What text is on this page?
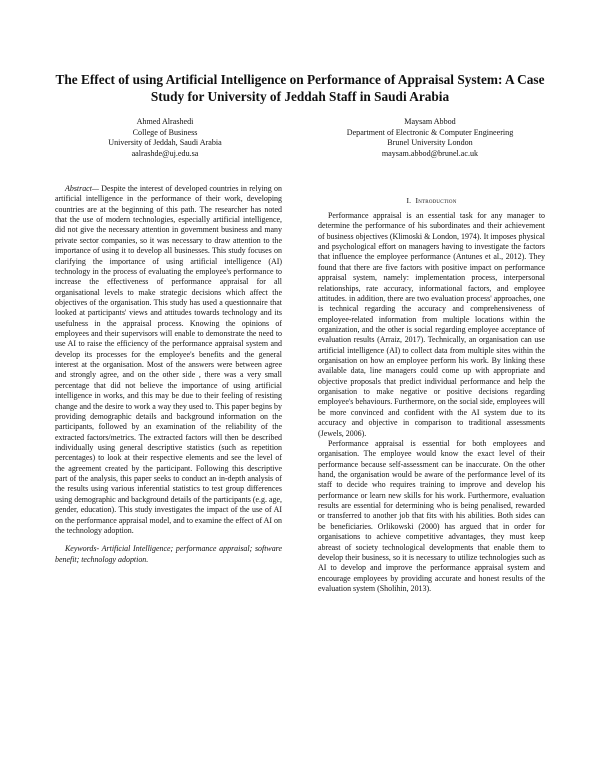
The Effect of using Artificial Intelligence on Performance of Appraisal System: A Case Study for University of Jeddah Staff in Saudi Arabia
Ahmed Alrashedi
College of Business
University of Jeddah, Saudi Arabia
aalrashde@uj.edu.sa
Maysam Abbod
Department of Electronic & Computer Engineering
Brunel University London
maysam.abbod@brunel.ac.uk

Abstract— Despite the interest of developed countries in relying on artificial intelligence in the performance of their work, developing countries are at the beginning of this path. The researcher has noted that the use of modern technologies, especially artificial intelligence, did not give the necessary attention in government business and many private sector companies, so it was necessary to draw attention to the importance of using it to develop all businesses. This study focuses on clarifying the importance of using artificial intelligence (AI) technology in the process of evaluating the employee's performance to increase the effectiveness of performance appraisal for all organisational levels to make strategic decisions which affect the objectives of the organisation. This study has used a questionnaire that looked at participants' views and attitudes towards technology and its usefulness in the appraisal process. Knowing the opinions of employees and their supervisors will enable to demonstrate the need to use AI to raise the efficiency of the performance appraisal system and develop its processes for the employee's benefits and the general interest at the organisation. Most of the answers were between agree and strongly agree, and on the other side , there was a very small percentage that did not believe the importance of using artificial intelligence in works, and this may be due to their feeling of resisting change and the desire to work a way they used to. This paper begins by providing demographic details and background information on the participants, followed by an examination of the reliability of the extracted factors/metrics. The extracted factors will then be described individually using general descriptive statistics (such as repetition percentages) to look at their respective elements and see the level of the agreement created by the participant. Following this descriptive part of the analysis, this paper seeks to conduct an in-depth analysis of the results using various inferential statistics to test group differences using demographic and background details of the participants (e.g. age, gender, education). This study investigates the impact of the use of AI on the performance appraisal model, and to examine the effect of AI on the technology adoption.

Keywords- Artificial Intelligence; performance appraisal; software benefit; technology adoption.

I. Introduction

Performance appraisal is an essential task for any manager to determine the performance of his subordinates and their achievement of business objectives (Klimoski & London, 1974). It imposes physical and psychological effort on managers having to investigate the factors that influence the employee performance (Antunes et al., 2012). They found that there are five factors with positive impact on performance appraisal system, namely: implementation process, interpersonal relationships, rate accuracy, informational factors, and employee attitudes. in addition, there are two evaluation process' approaches, one is technical regarding the accuracy and comprehensiveness of employee-related information from multiple locations within the organization, and the other is social regarding employee acceptance of evaluation results (Arraiz, 2017). Technically, an organisation can use artificial intelligence (AI) to collect data from multiple sites within the organisation on how an employee perform his work. By linking these available data, line managers could come up with appropriate and objective proposals that predict individual performance and help the organisation to make negative or positive decisions regarding employee's behaviours. Furthermore, on the social side, employees will be more convinced and confident with the AI system due to its accuracy and objective in comparison to traditional assessments (Jewels, 2006).

Performance appraisal is essential for both employees and organisation. The employee would know the exact level of their performance because self-assessment can be inaccurate. On the other hand, the organisation would be aware of the performance level of its staff to decide who requires training to improve and develop his performance or learn new skills for his work. Furthermore, evaluation results are essential for determining who is being penalised, rewarded or transferred to another job that fits with his abilities. Both sides can be beneficiaries. Orlikowski (2000) has argued that in order for organisations to achieve competitive advantages, they must keep abreast of society technological developments that enable them to develop their business, so it is necessary to utilize technologies such as AI to develop and improve the performance appraisal system and encourage employees by providing accurate and honest results of the evaluation system (Sholihin, 2013).
